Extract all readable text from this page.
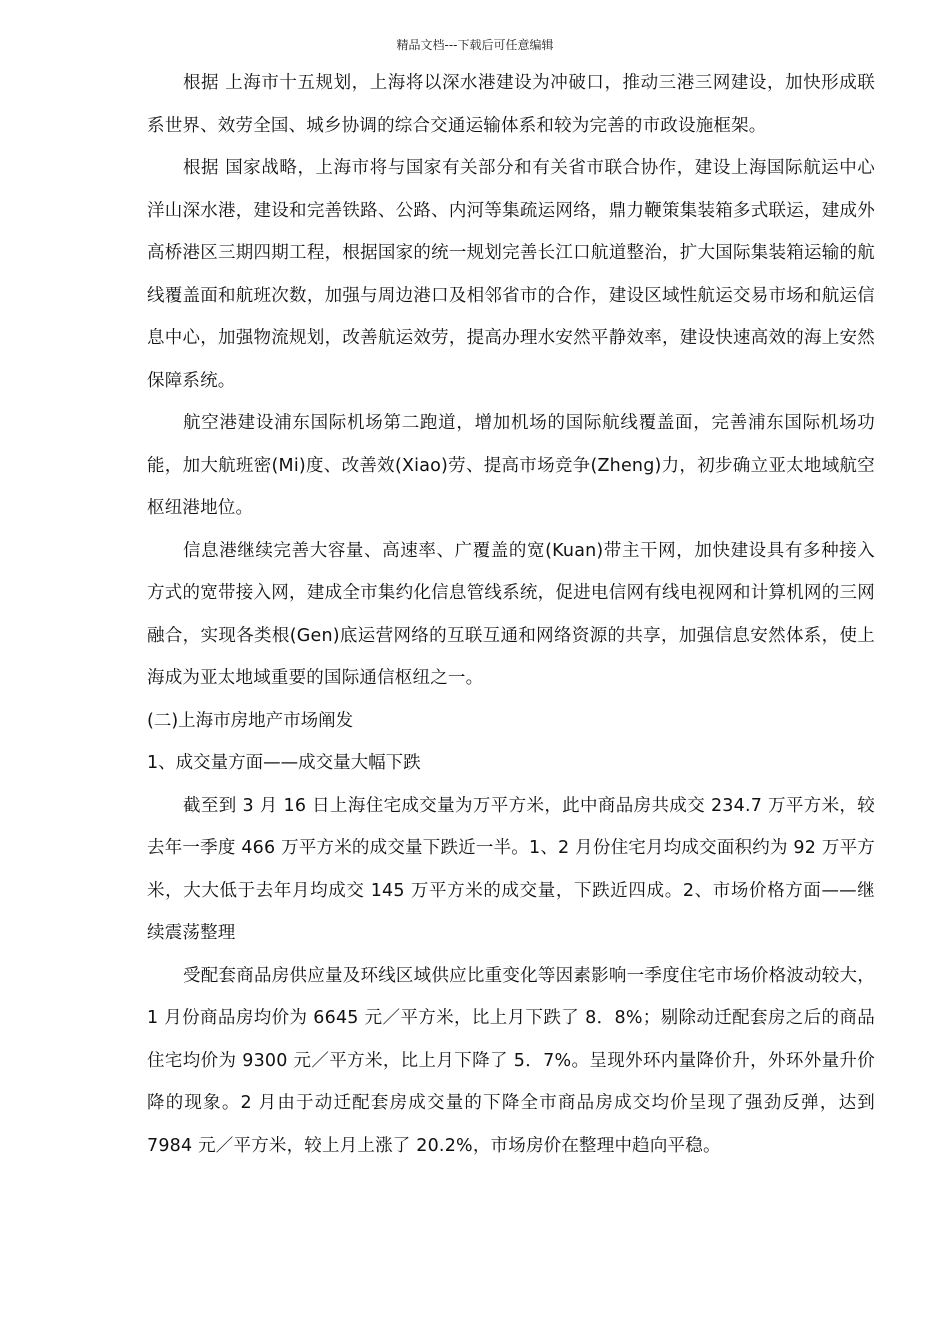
精品文档---下载后可任意编辑

根据 上海市十五规划，上海将以深水港建设为冲破口，推动三港三网建设，加快形成联系世界、效劳全国、城乡协调的综合交通运输体系和较为完善的市政设施框架。

根据 国家战略，上海市将与国家有关部分和有关省市联合协作，建设上海国际航运中心洋山深水港，建设和完善铁路、公路、内河等集疏运网络，鼎力鞭策集装箱多式联运，建成外高桥港区三期四期工程，根据国家的统一规划完善长江口航道整治，扩大国际集装箱运输的航线覆盖面和航班次数，加强与周边港口及相邻省市的合作，建设区域性航运交易市场和航运信息中心，加强物流规划，改善航运效劳，提高办理水安然平静效率，建设快速高效的海上安然保障系统。

航空港建设浦东国际机场第二跑道，增加机场的国际航线覆盖面，完善浦东国际机场功能，加大航班密(Mi)度、改善效(Xiao)劳、提高市场竞争(Zheng)力，初步确立亚太地域航空枢纽港地位。

信息港继续完善大容量、高速率、广覆盖的宽(Kuan)带主干网，加快建设具有多种接入方式的宽带接入网，建成全市集约化信息管线系统，促进电信网有线电视网和计算机网的三网融合，实现各类根(Gen)底运营网络的互联互通和网络资源的共享，加强信息安然体系，使上海成为亚太地域重要的国际通信枢纽之一。

(二)上海市房地产市场阐发

1、成交量方面——成交量大幅下跌

截至到 3 月 16 日上海住宅成交量为万平方米，此中商品房共成交 234.7 万平方米，较去年一季度 466 万平方米的成交量下跌近一半。1、2 月份住宅月均成交面积约为 92 万平方米，大大低于去年月均成交 145 万平方米的成交量，下跌近四成。2、市场价格方面——继续震荡整理

受配套商品房供应量及环线区域供应比重变化等因素影响一季度住宅市场价格波动较大，1 月份商品房均价为 6645 元／平方米，比上月下跌了 8．8%；剔除动迁配套房之后的商品住宅均价为 9300 元／平方米，比上月下降了 5．7%。呈现外环内量降价升，外环外量升价降的现象。2 月由于动迁配套房成交量的下降全市商品房成交均价呈现了强劲反弹，达到 7984 元／平方米，较上月上涨了 20.2%，市场房价在整理中趋向平稳。
